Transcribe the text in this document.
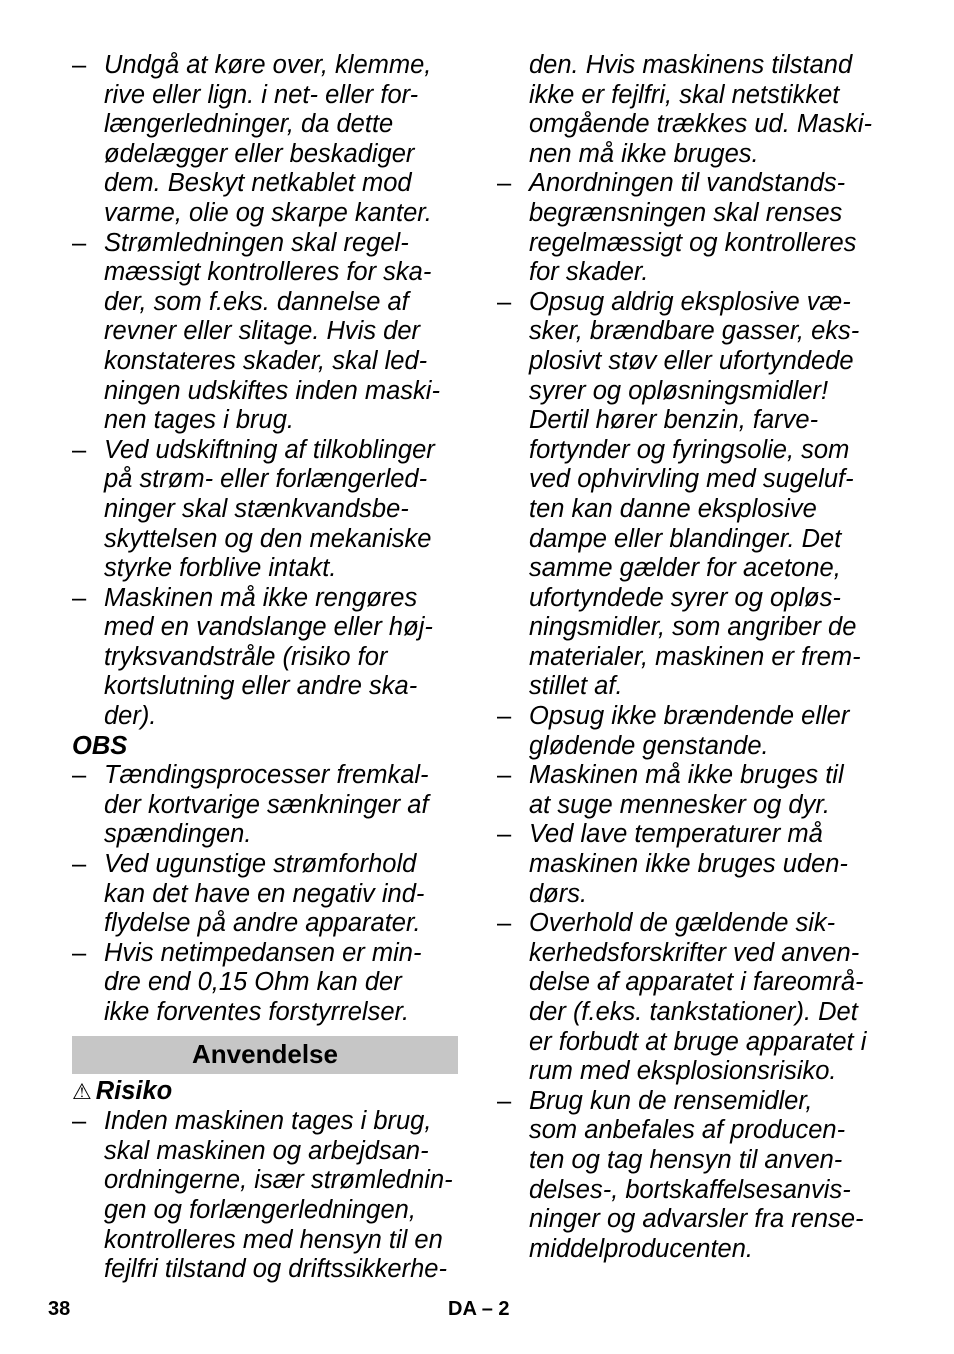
– Undgå at køre over, klemme,
rive eller lign. i net- eller for-
længerledninger, da dette
ødelægger eller beskadiger
dem. Beskyt netkablet mod
varme, olie og skarpe kanter.
– Strømledningen skal regel-
mæssigt kontrolleres for ska-
der, som f.eks. dannelse af
revner eller slitage. Hvis der
konstateres skader, skal led-
ningen udskiftes inden maski-
nen tages i brug.
– Ved udskiftning af tilkoblinger
på strøm- eller forlængerled-
ninger skal stænkvandsbe-
skyttelsen og den mekaniske
styrke forblive intakt.
– Maskinen må ikke rengøres
med en vandslange eller høj-
tryksvandstråle (risiko for
kortslutning eller andre ska-
der).
OBS
– Tændingsprocesser fremkal-
der kortvarige sænkninger af
spændingen.
– Ved ugunstige strømforhold
kan det have en negativ ind-
flydelse på andre apparater.
– Hvis netimpedansen er min-
dre end 0,15 Ohm kan der
ikke forventes forstyrrelser.
Anvendelse
⚠ Risiko
– Inden maskinen tages i brug,
skal maskinen og arbejdsan-
ordningerne, især strømlednin-
gen og forlængerledningen,
kontrolleres med hensyn til en
fejlfri tilstand og driftssikkerhe-
den. Hvis maskinens tilstand
ikke er fejlfri, skal netstikket
omgående trækkes ud. Maski-
nen må ikke bruges.
– Anordningen til vandstands-
begrænsningen skal renses
regelmæssigt og kontrolleres
for skader.
– Opsug aldrig eksplosive væ-
sker, brændbare gasser, eks-
plosivt støv eller ufortyndede
syrer og opløsningsmidler!
Dertil hører benzin, farve-
fortynder og fyringsolie, som
ved ophvirvling med sugeluf-
ten kan danne eksplosive
dampe eller blandinger. Det
samme gælder for acetone,
ufortyndede syrer og opløs-
ningsmidler, som angriber de
materialer, maskinen er frem-
stillet af.
– Opsug ikke brændende eller
glødende genstande.
– Maskinen må ikke bruges til
at suge mennesker og dyr.
– Ved lave temperaturer må
maskinen ikke bruges uden-
dørs.
– Overhold de gældende sik-
kerhedsforskrifter ved anven-
delse af apparatet i fareområ-
der (f.eks. tankstationer). Det
er forbudt at bruge apparatet i
rum med eksplosionsrisiko.
– Brug kun de rensemidler,
som anbefales af producen-
ten og tag hensyn til anven-
delses-, bortskaffelsesanvis-
ninger og advarsler fra rense-
middelproducenten.
38	DA – 2
